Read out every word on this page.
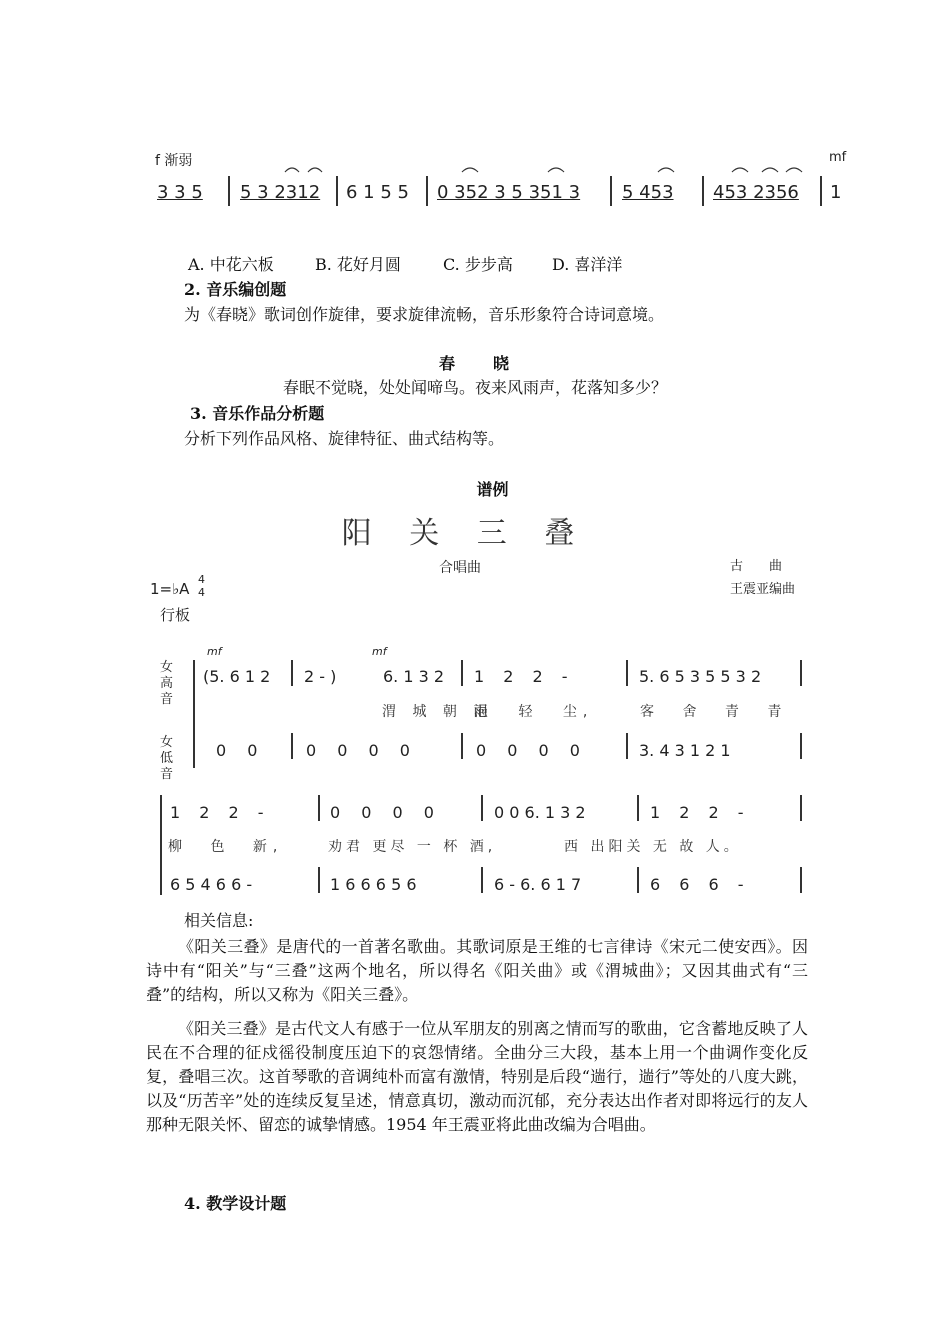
f 渐弱	mf
3 3 5 5 3 2312 6 1 5 5 0 352 3 5 351 3 5 453 453 2356 1
A. 中花六板	B. 花好月圆	C. 步步高 D. 喜洋洋
2. 音乐编创题
为《春晓》歌词创作旋律，要求旋律流畅，音乐形象符合诗词意境。
春　　晓
春眠不觉晓，处处闻啼鸟。夜来风雨声，花落知多少？
3. 音乐作品分析题
分析下列作品风格、旋律特征、曲式结构等。
谱例
阳 关 三 叠
合唱曲	古　　曲
王震亚编曲
1=♭A
4
4
行板
mf	mf
女高音
女低音
(5. 6 1 2 2 - )	6. 1 3 2 1 2 2 -	5. 6 5 3 5 5 3 2
渭 城 朝 雨
浥 轻 尘,	客 舍 青 青
0 0	0 0 0 0	0 0 0 0	3. 4 3 1 2 1
1 2 2 -	0 0 0 0	0 0 6. 1 3 2	1 2 2 -
柳 色 新,	劝君 更尽 一 杯 酒,	西 出阳关 无 故 人。
6 5 4 6 6 -	1 6 6 6 5 6	6 - 6. 6 1 7	6 6 6 -
相关信息:
《阳关三叠》是唐代的一首著名歌曲。其歌词原是王维的七言律诗《宋元二使安西》。因诗中有“阳关”与“三叠”这两个地名，所以得名《阳关曲》或《渭城曲》；又因其曲式有“三叠”的结构，所以又称为《阳关三叠》。
《阳关三叠》是古代文人有感于一位从军朋友的别离之情而写的歌曲，它含蓄地反映了人民在不合理的征戍徭役制度压迫下的哀怨情绪。全曲分三大段，基本上用一个曲调作变化反复，叠唱三次。这首琴歌的音调纯朴而富有激情，特别是后段“遄行，遄行”等处的八度大跳，以及“历苦辛”处的连续反复呈述，情意真切，激动而沉郁，充分表达出作者对即将远行的友人那种无限关怀、留恋的诚挚情感。1954 年王震亚将此曲改编为合唱曲。
4. 教学设计题
